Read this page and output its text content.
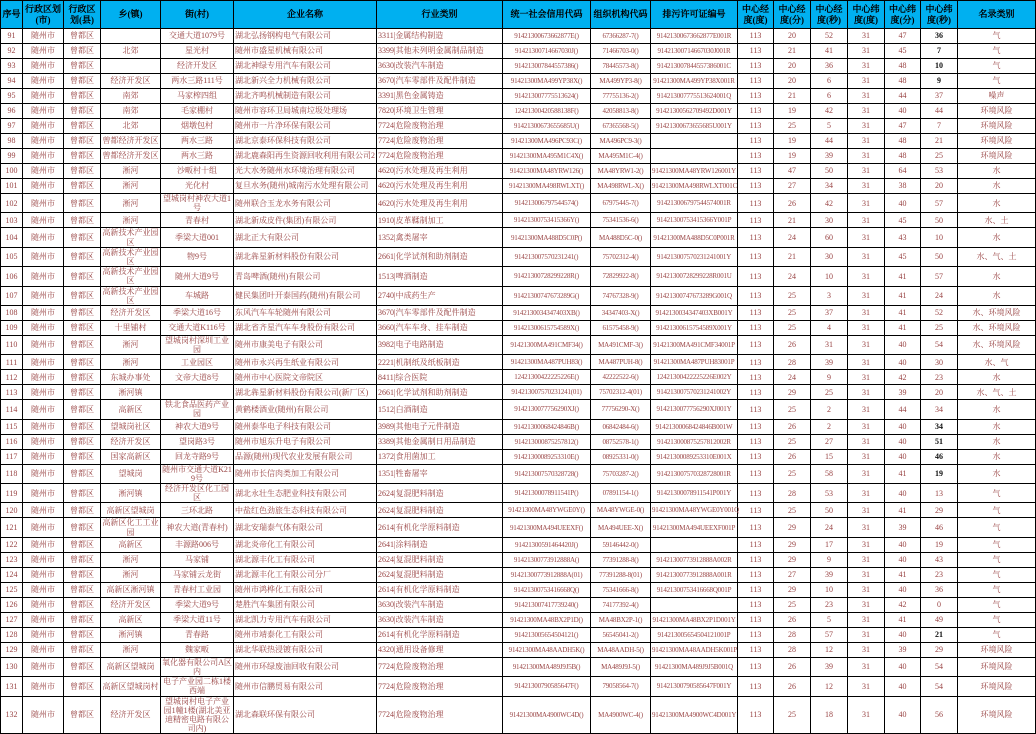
序号	行政区划(市)	行政区划(县)	乡(镇)	街(村)	企业名称	行业类别	统一社会信用代码	组织机构代码	排污许可证编号	中心经度(度)	中心经度(分)	中心经度(秒)	中心纬度(度)	中心纬度(分)	中心纬度(秒)	名录类别
91	随州市	曾都区		交通大道1079号	湖北弘扬钢构电气有限公司	3311|金属结构制造	91421300673662877E()	67366287-7()	91421300673662877E001R	113	20	52	31	47	36	气
92	随州市	曾都区	北郊	星光村	随州市盛星机械有限公司	3399|其他未列明金属制品制造	91421300714667030J()	71466703-0()	91421300714667030J001R	113	21	41	31	45	7	气
93	随州市	曾都区		经济开发区	湖北神绿专用汽车有限公司	3630|改装汽车制造	914213007844557386()	78445573-8()	914213007844557386001C	113	20	36	31	48	10	气
94	随州市	曾都区	经济开发区	两水三路111号	湖北新兴全力机械有限公司	3670|汽车零部件及配件制造	91421300MA499YP38X()	MA499YP3-8()	91421300MA499YP38X001R	113	20	6	31	48	9	气
95	随州市	曾都区	南郊	马家榨四组	湖北齐鸣机械制造有限公司	3391|黑色金属铸造	914213007775513624()	77755136-2()	914213007775513624001Q	113	21	6	31	44	37	噪声
96	随州市	曾都区	南郊	毛家棚村	随州市容环卫局城南垃圾处理场	7820|环境卫生管理	12421300420588138F()	42058813-8()	91421300562709492D001Y	113	19	42	31	40	44	环境风险
97	随州市	曾都区	北郊	烟墩包村	随州市一片净环保有限公司	7724|危险废物治理	91421300673655685U()	67365568-5()	91421300673655685U001Y	113	25	5	31	47	7	环境风险
98	随州市	曾都区	曾都经济开发区	两水三路	湖北京泰环保科技有限公司	7724|危险废物治理	91421300MA496PC93C()	MA496PC9-3()		113	19	44	31	48	21	环境风险
99	随州市	曾都区	曾都经济开发区	两水三路	湖北鹿森阳再生资源回收利用有限公司2	7724|危险废物治理	91421300MA495M1C4X()	MA495M1C-4()		113	19	39	31	48	25	环境风险
100	随州市	曾都区	淅河	沙畈村十组	光大水务随州水环境治理有限公司	4620|污水处理及再生利用	91421300MA48YRW126()	MA48YRW1-2()	91421300MA48YRW126001Y	113	47	50	31	64	53	水
101	随州市	曾都区	淅河	光化村	复旦水务(随州)城南污水处理有限公司	4620|污水处理及再生利用	91421300MA498RWLXT()	MA498RWL-X()	91421300MA498RWLXT001C	113	27	34	31	38	20	水
102	随州市	曾都区	淅河	望城岗村神农大道1号	随州联合玉龙水务有限公司	4620|污水处理及再生利用	914213006797544574()	67975445-7()	914213006797544574001R	113	26	42	31	40	57	水
103	随州市	曾都区	淅河	青春村	湖北新成皮件(集团)有限公司	1910|皮革鞣制加工	91421300753415366Y()	75341536-6()	91421300753415366Y001P	113	21	30	31	45	50	水、土
104	随州市	曾都区	高新技术产业园区	季梁大道001	湖北正大有限公司	1352|禽类屠宰	91421300MA488D5C0P()	MA488D5C-0()	91421300MA488D5C0P001R	113	24	60	31	43	10	水
105	随州市	曾都区	高新技术产业园区	物9号	湖北犇星新材料股份有限公司	2661|化学试剂和助剂制造	914213007570231241()	75702312-4()	914213007570231241001Y	113	21	30	31	45	50	水、气、土
106	随州市	曾都区	高新技术产业园区	随州大道9号	青岛啤酒(随州)有限公司	1513|啤酒制造	91421300728299228R()	72829922-8()	91421300728299228R001U	113	24	10	31	41	57	水
107	随州市	曾都区	高新技术产业园区	车城路	健民集团叶开泰国药(随州)有限公司	2740|中成药生产	91421300747673289G()	74767328-9()	91421300747673289G001Q	113	25	3	31	41	24	水
108	随州市	曾都区	经济开发区	季梁大道16号	东风汽车车轮随州有限公司	3670|汽车零部件及配件制造	9142130034347403XB()	34347403-X()	9142130034347403XB001Y	113	25	37	31	41	52	水、环境风险
109	随州市	曾都区	十里铺村	交通大道K116号	湖北省齐星汽车车身股份有限公司	3660|汽车车身、挂车制造	91421300615754589X()	61575458-9()	91421300615754589X001Y	113	25	4	31	41	25	水、环境风险
110	随州市	曾都区	淅河	望城岗村深圳工业园	随州市康美电子有限公司	3982|电子电路制造	91421300MA491CMF34()	MA491CMF-3()	91421300MA491CMF34001P	113	26	31	31	40	54	水、环境风险
111	随州市	曾都区	淅河	工业园区	随州市永兴再生纸业有限公司	2221|机制纸及纸板制造	91421300MA487PUH83()	MA487PUH-8()	91421300MA487PUH83001P	113	28	39	31	40	30	水、气
112	随州市	曾都区	东城办事处	文帝大道8号	随州市中心医院文帝院区	8411|综合医院	12421300422225226E()	42222522-6()	12421300422225226E002Y	113	24	9	31	42	23	水
113	随州市	曾都区	淅河镇		湖北犇星新材料股份有限公司(新厂区)	2661|化学试剂和助剂制造	914213007570231241(01)	75702312-4(01)	914213007570231241002Y	113	29	25	31	39	20	水、气、土
114	随州市	曾都区	高新区	铁北食品医药产业园	黄鹤楼酒业(随州)有限公司	1512|白酒制造	9142130077756290XJ()	77756290-X()	9142130077756290XJ001Y	113	25	2	31	44	34	水
115	随州市	曾都区	望城岗社区	神农大道9号	随州泰华电子科技有限公司	3989|其他电子元件制造	91421300068424846B()	06842484-6()	91421300068424846B001W	113	26	2	31	40	34	水
116	随州市	曾都区	经济开发区	望岗路3号	随州市旭东升电子有限公司	3389|其他金属制日用品制造	914213000875257812()	08752578-1()	914213000875257812002R	113	25	27	31	40	51	水
117	随州市	曾都区	国家高新区	回龙寺路9号	品源(随州)现代农业发展有限公司	1372|食用菌加工	91421300089253310E()	08925331-0()	91421300089253310E001X	113	26	15	31	40	46	水
118	随州市	曾都区	望城岗	随州市交通大道K219号	随州市长信肉类加工有限公司	1351|牲畜屠宰	914213007570328728()	75703287-2()	914213007570328728001R	113	25	58	31	41	19	水
119	随州市	曾都区	淅河镇	经济开发区化工园区	湖北永壮生态肥业科技有限公司	2624|复混肥料制造	91421300078911541P()	07891154-1()	91421300078911541P001Y	113	28	53	31	40	13	气
120	随州市	曾都区	高新区望城岗	三环北路	中盐红色劲旅生态科技有限公司	2624|复混肥料制造	91421300MA48YWGE0Y()	MA48YWGE-0()	91421300MA48YWGE0Y001Q	113	25	50	31	41	29	气
121	随州市	曾都区	高新区化工工业园	神农大道(青春村)	湖北安瑞泰气体有限公司	2614|有机化学原料制造	91421300MA494UEEXF()	MA494UEE-X()	91421300MA494UEEXF001P	113	29	24	31	39	46	气
122	随州市	曾都区	高新区	丰源路006号	湖北炎帝化工有限公司	2641|涂料制造	91421300591464420J()	59146442-0()		113	29	17	31	40	19	气
123	随州市	曾都区	淅河	马家铺	湖北源丰化工有限公司	2624|复混肥料制造	91421300773912888A()	77391288-8()	91421300773912888A002R	113	29	9	31	40	43	气
124	随州市	曾都区	淅河	马家铺云龙街	湖北源丰化工有限公司分厂	2624|复混肥料制造	91421300773912888A(01)	77391288-8(01)	91421300773912888A001R	113	27	39	31	41	23	气
125	随州市	曾都区	高新区淅河镇	青春村工业园	随州市鸿桦化工有限公司	2614|有机化学原料制造	91421300753416668Q()	75341666-8()	91421300753416668Q001P	113	29	10	31	40	36	气
126	随州市	曾都区	经济开发区	季梁大道9号	楚胜汽车集团有限公司	3630|改装汽车制造	914213007417739240()	74177392-4()		113	25	23	31	42	0	气
127	随州市	曾都区	高新区	季梁大道11号	湖北凯力专用汽车有限公司	3630|改装汽车制造	91421300MA48BX2P1D()	MA48BX2P-1()	91421300MA48BX2P1D001Y	113	26	5	31	41	49	气
128	随州市	曾都区	淅河镇	青春路	随州市靖泰化工有限公司	2614|有机化学原料制造	914213005654504121()	56545041-2()	914213005654504121001P	113	28	57	31	40	21	气
129	随州市	曾都区	淅河	魏家畈	湖北华联热浸镀有限公司	4320|通用设备修理	91421300MA48AADH5K()	MA48AADH-5()	91421300MA48AADH5K001P	113	28	12	31	39	29	环境风险
130	随州市	曾都区	高新区望城岗	氧化器有限公司A区内	随州市环绿废油回收有限公司	7724|危险废物治理	91421300MA489J9J5B()	MA489J9J-5()	91421300MA489J9J5B001Q	113	26	39	31	40	54	环境风险
131	随州市	曾都区	高新区望城岗村	电子产业园二栋1楼西端	随州市信鹏贸易有限公司	7724|危险废物治理	91421300790585647F()	79058564-7()	91421300790585647F001Y	113	26	12	31	40	54	环境风险
132	随州市	曾都区	经济开发区	望城岗村电子产业园1幢1楼(湖北美亚迪精密电路有限公司内)	湖北森联环保有限公司	7724|危险废物治理	91421300MA4900WC4D()	MA4900WC-4()	91421300MA4900WC4D001Y	113	25	18	31	40	56	环境风险
